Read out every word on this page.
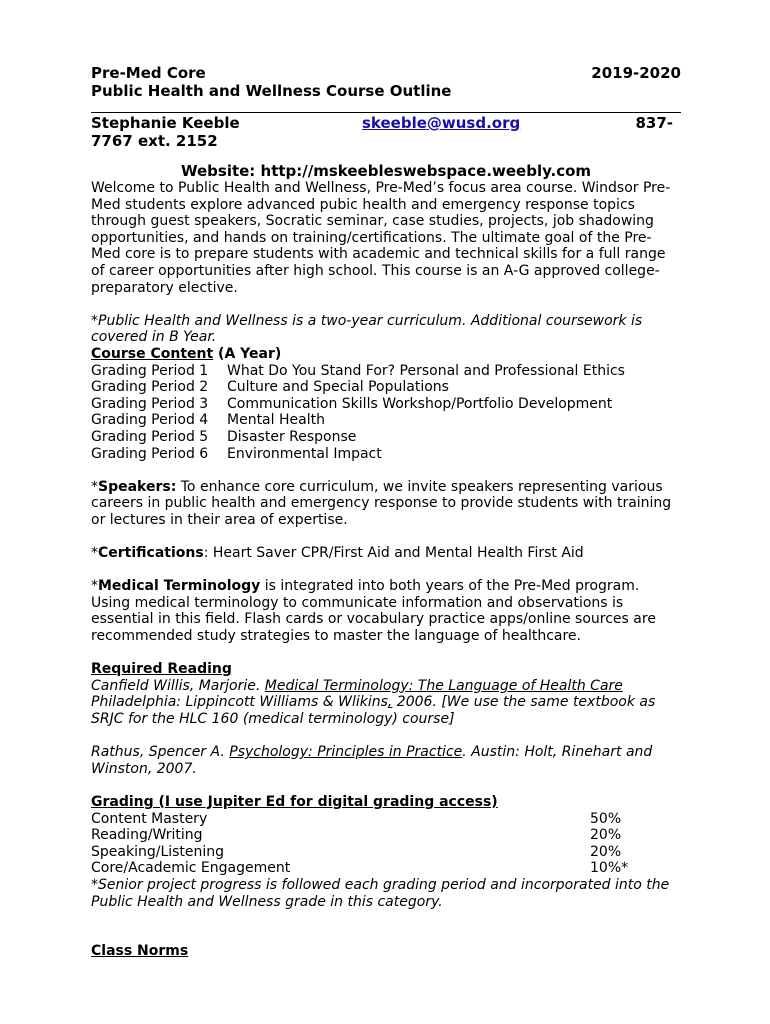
Pre-Med Core	2019-2020
Public Health and Wellness Course Outline
Stephanie Keeble	skeeble@wusd.org	837-
7767 ext. 2152
Website: http://mskeebleswebspace.weebly.com

Welcome to Public Health and Wellness, Pre-Med’s focus area course. Windsor Pre-Med students explore advanced pubic health and emergency response topics through guest speakers, Socratic seminar, case studies, projects, job shadowing opportunities, and hands on training/certifications. The ultimate goal of the Pre-Med core is to prepare students with academic and technical skills for a full range of career opportunities after high school. This course is an A-G approved college-preparatory elective.

*Public Health and Wellness is a two-year curriculum. Additional coursework is covered in B Year.

Course Content (A Year)
Grading Period 1	What Do You Stand For? Personal and Professional Ethics
Grading Period 2	Culture and Special Populations
Grading Period 3	Communication Skills Workshop/Portfolio Development
Grading Period 4	Mental Health
Grading Period 5	Disaster Response
Grading Period 6	Environmental Impact

*Speakers: To enhance core curriculum, we invite speakers representing various careers in public health and emergency response to provide students with training or lectures in their area of expertise.

*Certifications: Heart Saver CPR/First Aid and Mental Health First Aid

*Medical Terminology is integrated into both years of the Pre-Med program. Using medical terminology to communicate information and observations is essential in this field. Flash cards or vocabulary practice apps/online sources are recommended study strategies to master the language of healthcare.

Required Reading

Canfield Willis, Marjorie. Medical Terminology: The Language of Health Care
Philadelphia: Lippincott Williams & Wlikins, 2006. [We use the same textbook as SRJC for the HLC 160 (medical terminology) course]

Rathus, Spencer A. Psychology: Principles in Practice. Austin: Holt, Rinehart and Winston, 2007.

Grading (I use Jupiter Ed for digital grading access)
Content Mastery	50%
Reading/Writing	20%
Speaking/Listening	20%
Core/Academic Engagement	10%*

*Senior project progress is followed each grading period and incorporated into the Public Health and Wellness grade in this category.

Class Norms
